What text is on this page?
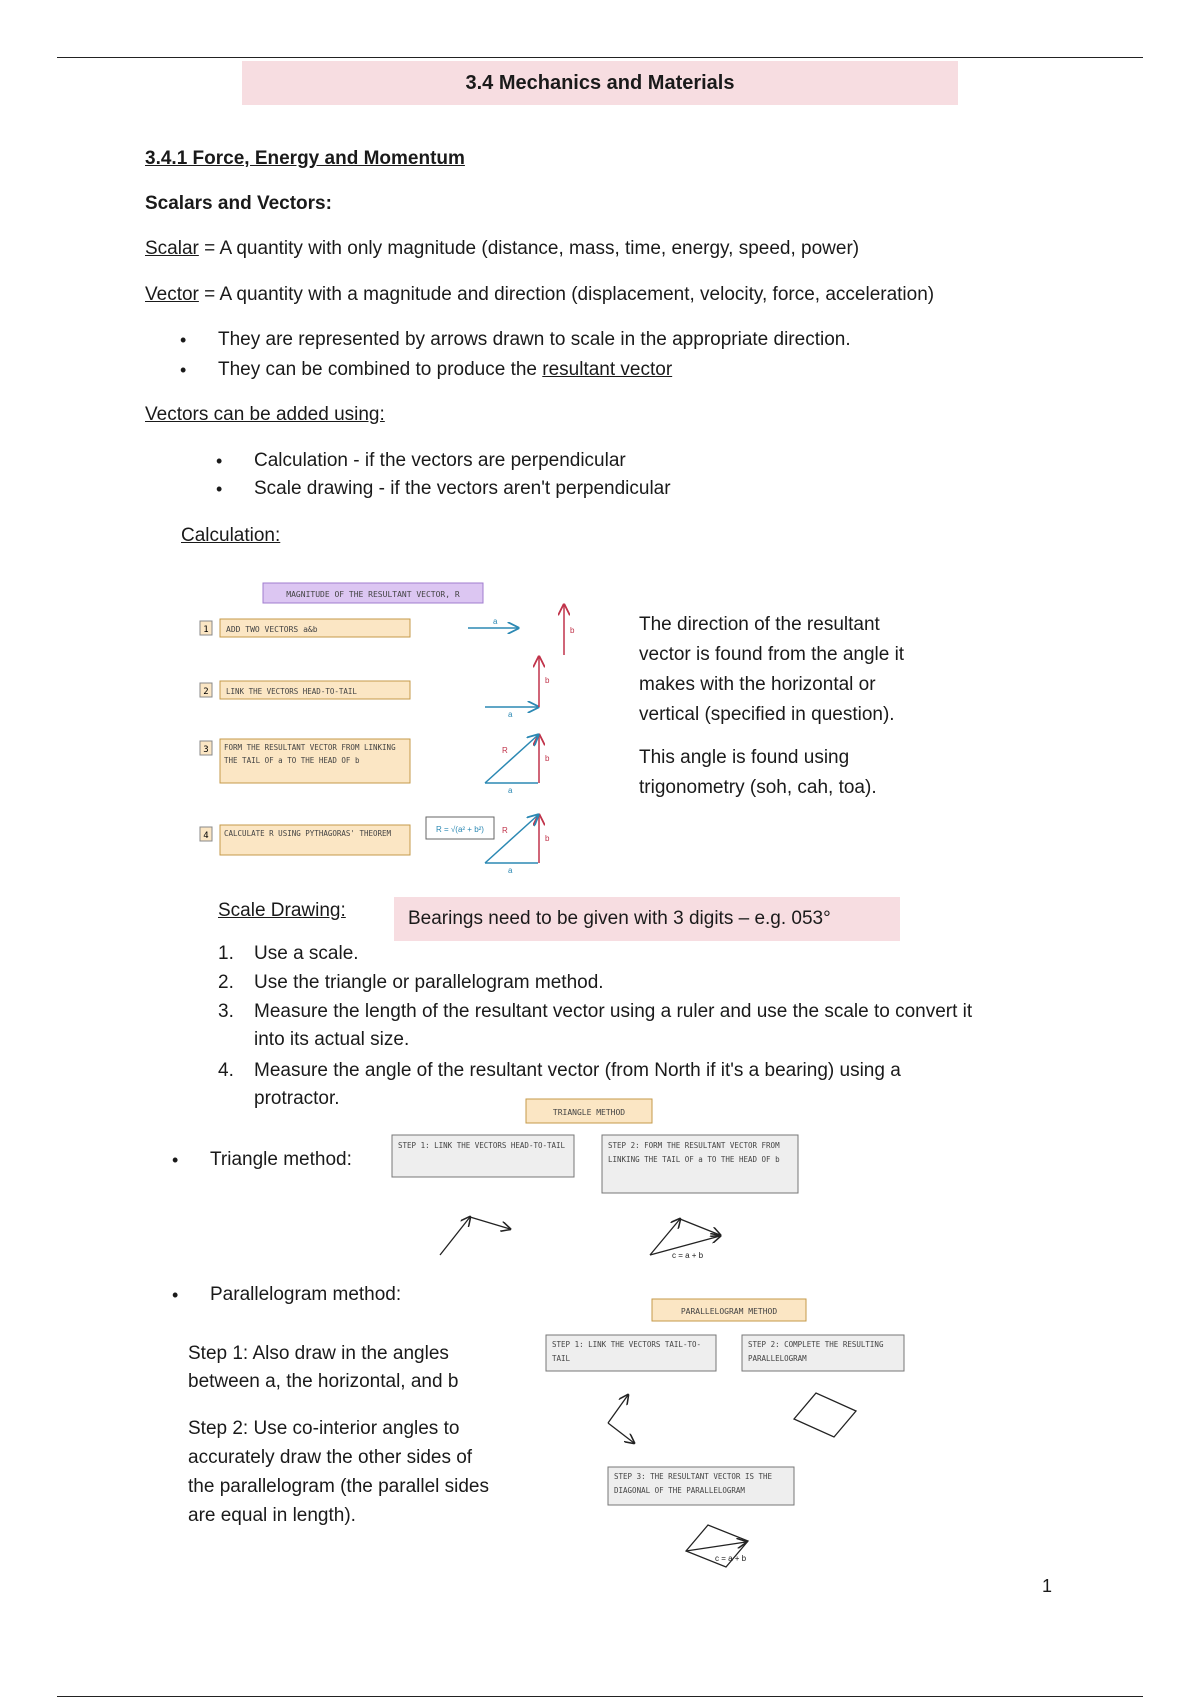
3.4 Mechanics and Materials
3.4.1 Force, Energy and Momentum
Scalars and Vectors:
Scalar = A quantity with only magnitude (distance, mass, time, energy, speed, power)
Vector = A quantity with a magnitude and direction (displacement, velocity, force, acceleration)
• They are represented by arrows drawn to scale in the appropriate direction.
• They can be combined to produce the resultant vector
Vectors can be added using:
• Calculation - if the vectors are perpendicular
• Scale drawing - if the vectors aren't perpendicular
Calculation:
MAGNITUDE OF THE RESULTANT VECTOR, R
1 ADD TWO VECTORS a&b
2 LINK THE VECTORS HEAD-TO-TAIL
3 FORM THE RESULTANT VECTOR FROM LINKING THE TAIL OF a TO THE HEAD OF b
4 CALCULATE R USING PYTHAGORAS' THEOREM	R = √(a² + b²)
a
b
a
b
R
b
a
R
b
a
The direction of the resultant
vector is found from the angle it
makes with the horizontal or
vertical (specified in question).
This angle is found using
trigonometry (soh, cah, toa).
Scale Drawing:	Bearings need to be given with 3 digits – e.g. 053°
1. Use a scale.
2. Use the triangle or parallelogram method.
3. Measure the length of the resultant vector using a ruler and use the scale to convert it
into its actual size.
4. Measure the angle of the resultant vector (from North if it's a bearing) using a
protractor.
• Triangle method:
TRIANGLE METHOD
STEP 1: LINK THE VECTORS HEAD-TO-TAIL	STEP 2: FORM THE RESULTANT VECTOR FROM LINKING THE TAIL OF a TO THE HEAD OF b
c = a + b
• Parallelogram method:
Step 1: Also draw in the angles
between a, the horizontal, and b
Step 2: Use co-interior angles to
accurately draw the other sides of
the parallelogram (the parallel sides
are equal in length).
PARALLELOGRAM METHOD
STEP 1: LINK THE VECTORS TAIL-TO-TAIL
STEP 2: COMPLETE THE RESULTING PARALLELOGRAM
STEP 3: THE RESULTANT VECTOR IS THE DIAGONAL OF THE PARALLELOGRAM
c = a + b
1
